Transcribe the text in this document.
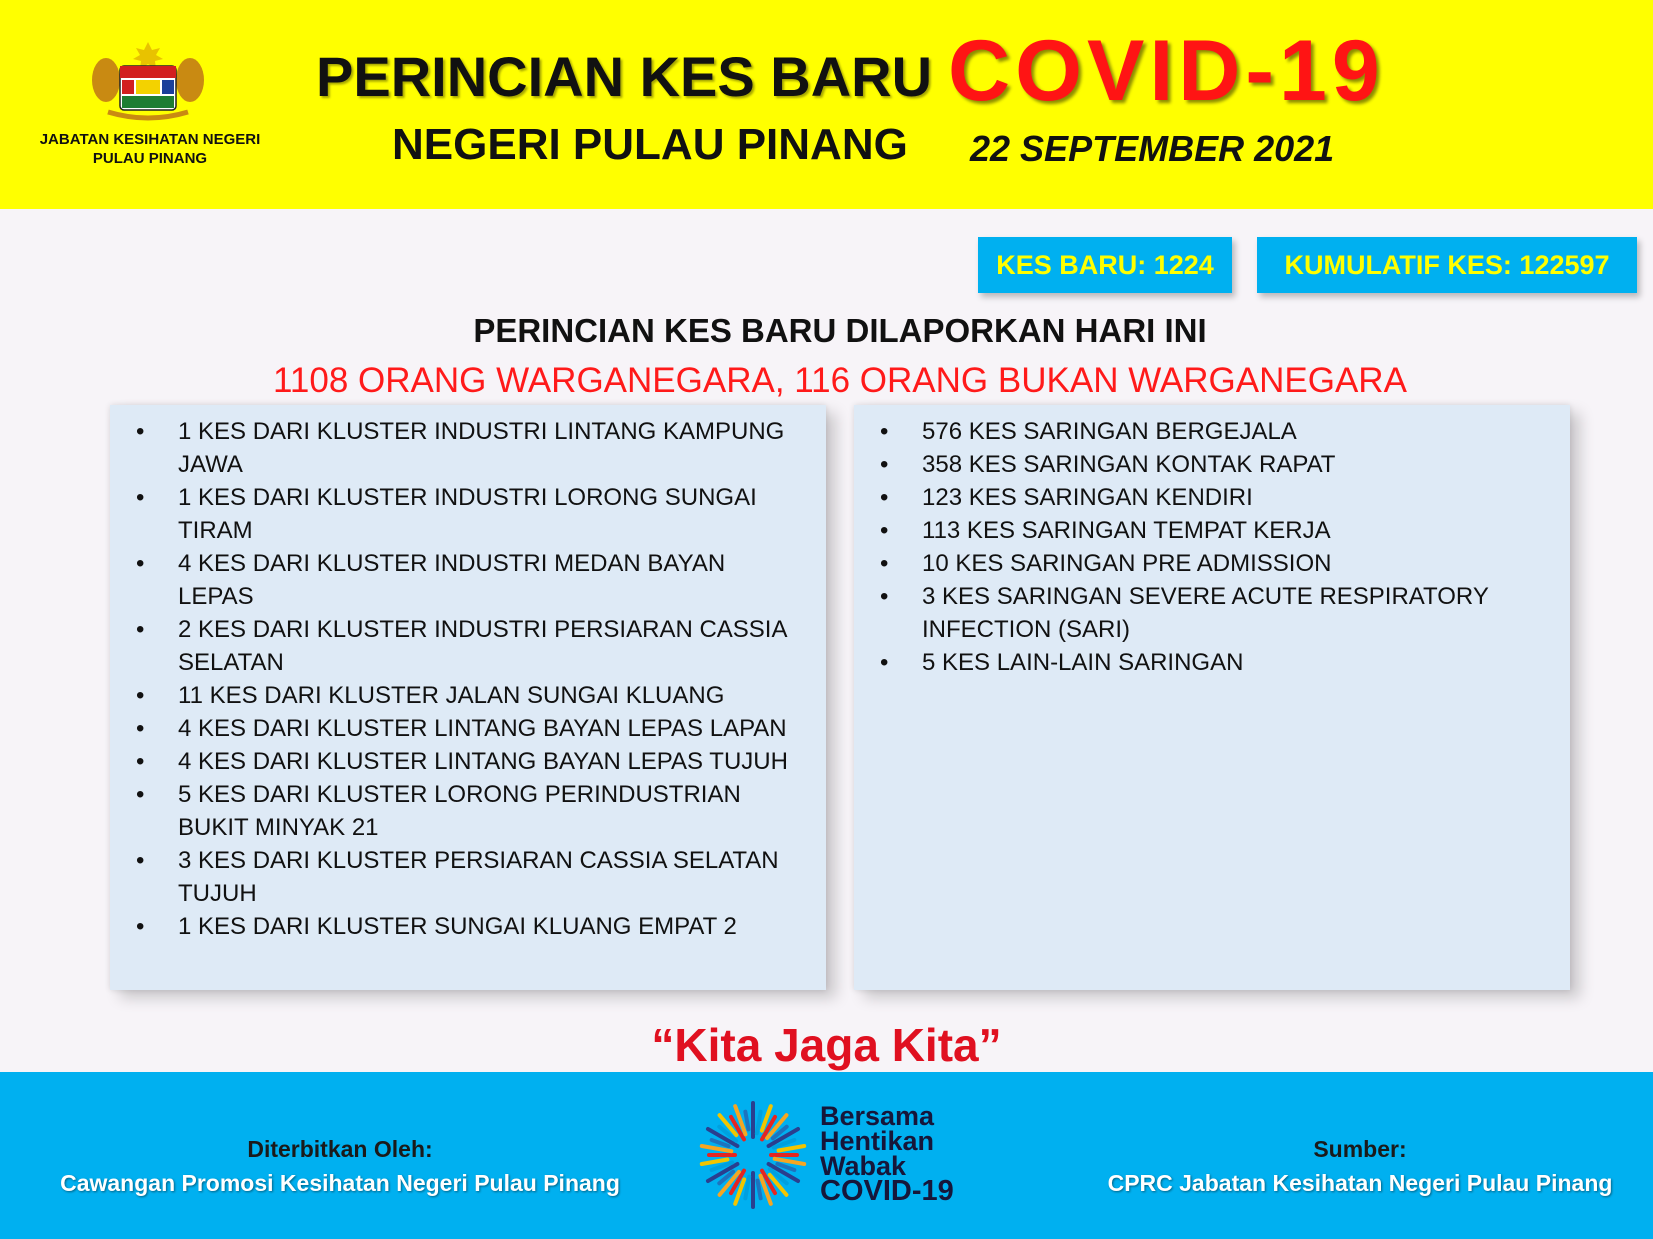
JABATAN KESIHATAN NEGERI
PULAU PINANG
PERINCIAN KES BARU COVID-19
NEGERI PULAU PINANG 22 SEPTEMBER 2021
KES BARU: 1224	KUMULATIF KES: 122597
PERINCIAN KES BARU DILAPORKAN HARI INI
1108 ORANG WARGANEGARA, 116 ORANG BUKAN WARGANEGARA
• 1 KES DARI KLUSTER INDUSTRI LINTANG KAMPUNG JAWA
• 1 KES DARI KLUSTER INDUSTRI LORONG SUNGAI TIRAM
• 4 KES DARI KLUSTER INDUSTRI MEDAN BAYAN LEPAS
• 2 KES DARI KLUSTER INDUSTRI PERSIARAN CASSIA SELATAN
• 11 KES DARI KLUSTER JALAN SUNGAI KLUANG
• 4 KES DARI KLUSTER LINTANG BAYAN LEPAS LAPAN
• 4 KES DARI KLUSTER LINTANG BAYAN LEPAS TUJUH
• 5 KES DARI KLUSTER LORONG PERINDUSTRIAN BUKIT MINYAK 21
• 3 KES DARI KLUSTER PERSIARAN CASSIA SELATAN TUJUH
• 1 KES DARI KLUSTER SUNGAI KLUANG EMPAT 2
• 576 KES SARINGAN BERGEJALA
• 358 KES SARINGAN KONTAK RAPAT
• 123 KES SARINGAN KENDIRI
• 113 KES SARINGAN TEMPAT KERJA
• 10 KES SARINGAN PRE ADMISSION
• 3 KES SARINGAN SEVERE ACUTE RESPIRATORY INFECTION (SARI)
• 5 KES LAIN-LAIN SARINGAN
“Kita Jaga Kita”
Diterbitkan Oleh:
Cawangan Promosi Kesihatan Negeri Pulau Pinang
Bersama
Hentikan
Wabak
COVID-19
Sumber:
CPRC Jabatan Kesihatan Negeri Pulau Pinang
